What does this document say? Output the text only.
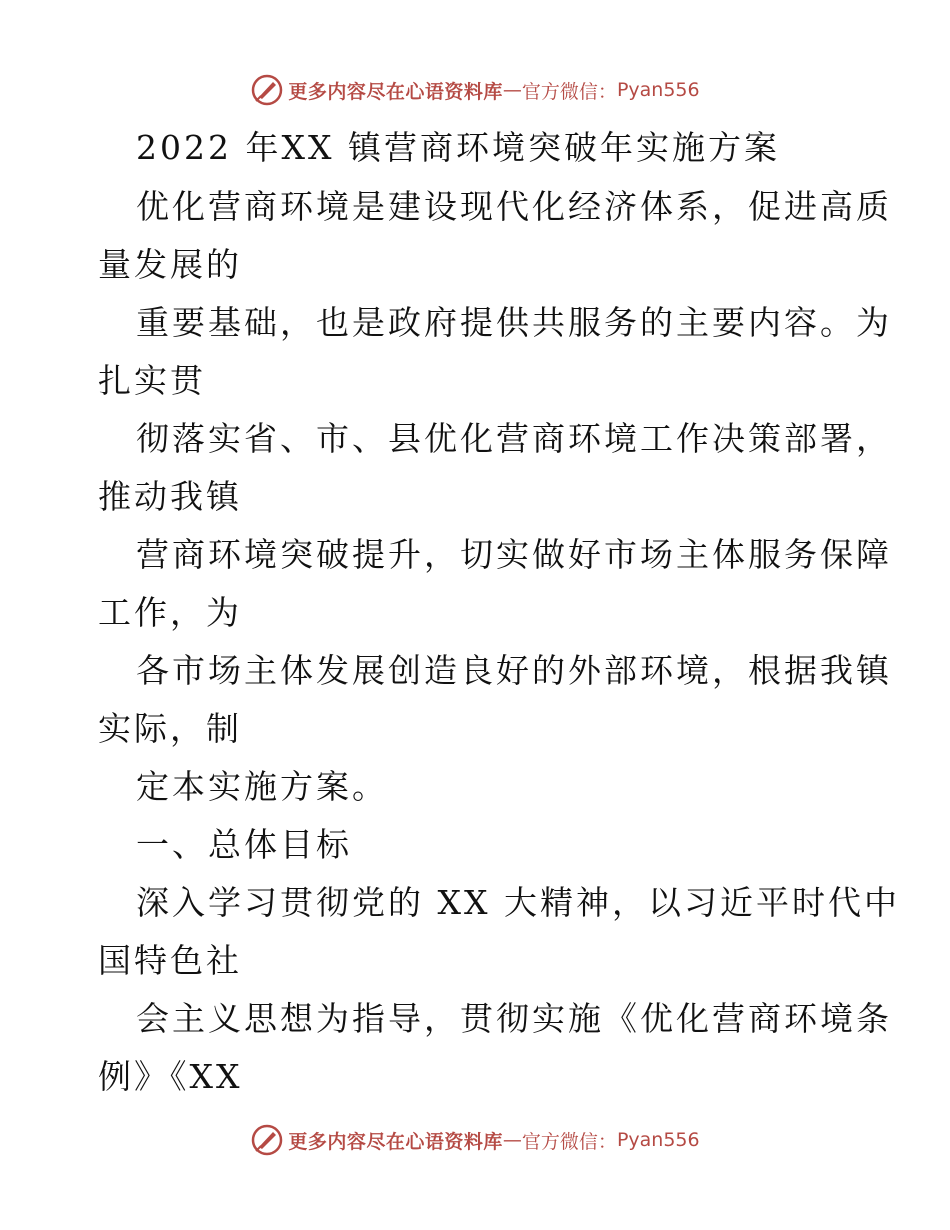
更多内容尽在心语资料库 — 官方微信： Pyan556
2022 年XX 镇营商环境突破年实施方案
优化营商环境是建设现代化经济体系，促进高质
量发展的
重要基础，也是政府提供共服务的主要内容。为
扎实贯
彻落实省、市、县优化营商环境工作决策部署，
推动我镇
营商环境突破提升，切实做好市场主体服务保障
工作，为
各市场主体发展创造良好的外部环境，根据我镇
实际，制
定本实施方案。
一、总体目标
深入学习贯彻党的 XX 大精神，以习近平时代中
国特色社
会主义思想为指导，贯彻实施《优化营商环境条
例》《XX
更多内容尽在心语资料库 — 官方微信： Pyan556
